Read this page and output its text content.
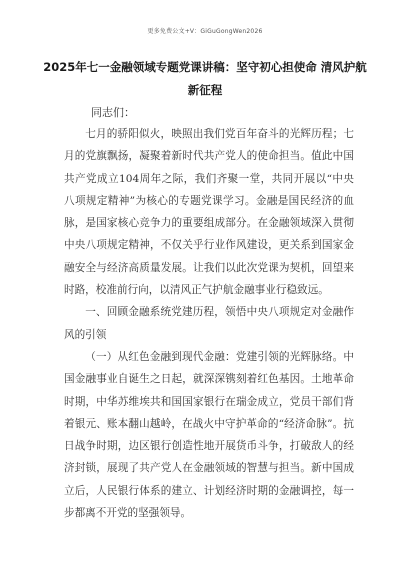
更多免费公文+V：GiGuGongWen2026
2025年七一金融领域专题党课讲稿：坚守初心担使命 清风护航新征程
同志们：

七月的骄阳似火，映照出我们党百年奋斗的光辉历程；七月的党旗飘扬，凝聚着新时代共产党人的使命担当。值此中国共产党成立104周年之际，我们齐聚一堂，共同开展以“中央八项规定精神”为核心的专题党课学习。金融是国民经济的血脉，是国家核心竞争力的重要组成部分。在金融领域深入贯彻中央八项规定精神，不仅关乎行业作风建设，更关系到国家金融安全与经济高质量发展。让我们以此次党课为契机，回望来时路，校准前行向，以清风正气护航金融事业行稳致远。

一、回顾金融系统党建历程，领悟中央八项规定对金融作风的引领

（一）从红色金融到现代金融：党建引领的光辉脉络。中国金融事业自诞生之日起，就深深镌刻着红色基因。土地革命时期，中华苏维埃共和国国家银行在瑞金成立，党员干部们背着银元、账本翻山越岭，在战火中守护革命的“经济命脉”。抗日战争时期，边区银行创造性地开展货币斗争，打破敌人的经济封锁，展现了共产党人在金融领域的智慧与担当。新中国成立后，人民银行体系的建立、计划经济时期的金融调控，每一步都离不开党的坚强领导。
